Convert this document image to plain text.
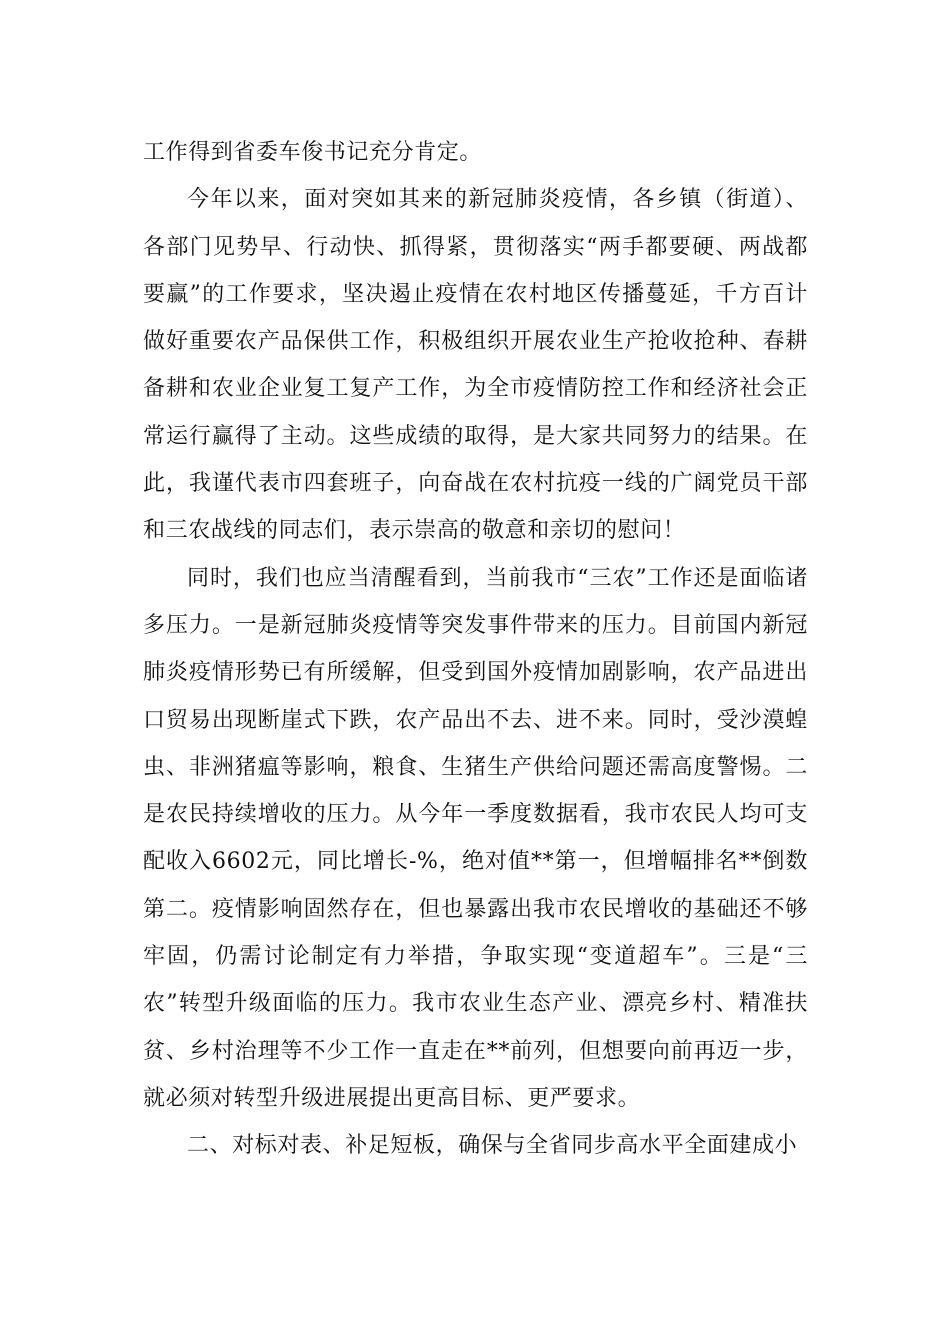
工作得到省委车俊书记充分肯定。

今年以来，面对突如其来的新冠肺炎疫情，各乡镇（街道）、各部门见势早、行动快、抓得紧，贯彻落实“两手都要硬、两战都要赢”的工作要求，坚决遏止疫情在农村地区传播蔓延，千方百计做好重要农产品保供工作，积极组织开展农业生产抢收抢种、春耕备耕和农业企业复工复产工作，为全市疫情防控工作和经济社会正常运行赢得了主动。这些成绩的取得，是大家共同努力的结果。在此，我谨代表市四套班子，向奋战在农村抗疫一线的广阔党员干部和三农战线的同志们，表示崇高的敬意和亲切的慰问！

同时，我们也应当清醒看到，当前我市“三农”工作还是面临诸多压力。一是新冠肺炎疫情等突发事件带来的压力。目前国内新冠肺炎疫情形势已有所缓解，但受到国外疫情加剧影响，农产品进出口贸易出现断崖式下跌，农产品出不去、进不来。同时，受沙漠蝗虫、非洲猪瘟等影响，粮食、生猪生产供给问题还需高度警惕。二是农民持续增收的压力。从今年一季度数据看，我市农民人均可支配收入6602元，同比增长-%，绝对值**第一，但增幅排名**倒数第二。疫情影响固然存在，但也暴露出我市农民增收的基础还不够牢固，仍需讨论制定有力举措，争取实现“变道超车”。三是“三农”转型升级面临的压力。我市农业生态产业、漂亮乡村、精准扶贫、乡村治理等不少工作一直走在**前列，但想要向前再迈一步，就必须对转型升级进展提出更高目标、更严要求。

二、对标对表、补足短板，确保与全省同步高水平全面建成小
